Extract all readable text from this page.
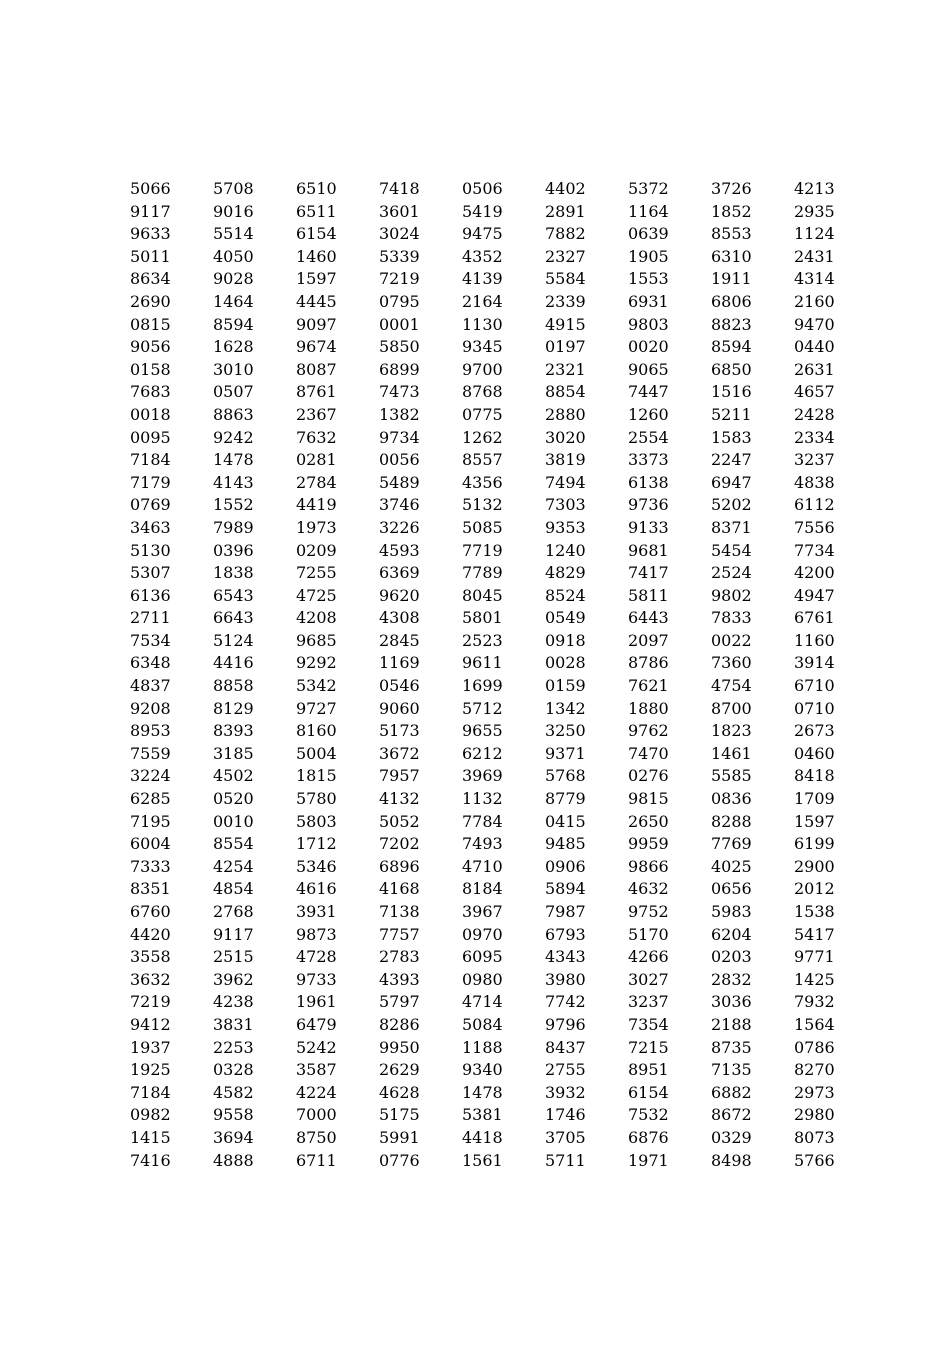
5066	5708	6510	7418	0506	4402	5372	3726	4213
9117	9016	6511	3601	5419	2891	1164	1852	2935
9633	5514	6154	3024	9475	7882	0639	8553	1124
5011	4050	1460	5339	4352	2327	1905	6310	2431
8634	9028	1597	7219	4139	5584	1553	1911	4314
2690	1464	4445	0795	2164	2339	6931	6806	2160
0815	8594	9097	0001	1130	4915	9803	8823	9470
9056	1628	9674	5850	9345	0197	0020	8594	0440
0158	3010	8087	6899	9700	2321	9065	6850	2631
7683	0507	8761	7473	8768	8854	7447	1516	4657
0018	8863	2367	1382	0775	2880	1260	5211	2428
0095	9242	7632	9734	1262	3020	2554	1583	2334
7184	1478	0281	0056	8557	3819	3373	2247	3237
7179	4143	2784	5489	4356	7494	6138	6947	4838
0769	1552	4419	3746	5132	7303	9736	5202	6112
3463	7989	1973	3226	5085	9353	9133	8371	7556
5130	0396	0209	4593	7719	1240	9681	5454	7734
5307	1838	7255	6369	7789	4829	7417	2524	4200
6136	6543	4725	9620	8045	8524	5811	9802	4947
2711	6643	4208	4308	5801	0549	6443	7833	6761
7534	5124	9685	2845	2523	0918	2097	0022	1160
6348	4416	9292	1169	9611	0028	8786	7360	3914
4837	8858	5342	0546	1699	0159	7621	4754	6710
9208	8129	9727	9060	5712	1342	1880	8700	0710
8953	8393	8160	5173	9655	3250	9762	1823	2673
7559	3185	5004	3672	6212	9371	7470	1461	0460
3224	4502	1815	7957	3969	5768	0276	5585	8418
6285	0520	5780	4132	1132	8779	9815	0836	1709
7195	0010	5803	5052	7784	0415	2650	8288	1597
6004	8554	1712	7202	7493	9485	9959	7769	6199
7333	4254	5346	6896	4710	0906	9866	4025	2900
8351	4854	4616	4168	8184	5894	4632	0656	2012
6760	2768	3931	7138	3967	7987	9752	5983	1538
4420	9117	9873	7757	0970	6793	5170	6204	5417
3558	2515	4728	2783	6095	4343	4266	0203	9771
3632	3962	9733	4393	0980	3980	3027	2832	1425
7219	4238	1961	5797	4714	7742	3237	3036	7932
9412	3831	6479	8286	5084	9796	7354	2188	1564
1937	2253	5242	9950	1188	8437	7215	8735	0786
1925	0328	3587	2629	9340	2755	8951	7135	8270
7184	4582	4224	4628	1478	3932	6154	6882	2973
0982	9558	7000	5175	5381	1746	7532	8672	2980
1415	3694	8750	5991	4418	3705	6876	0329	8073
7416	4888	6711	0776	1561	5711	1971	8498	5766
